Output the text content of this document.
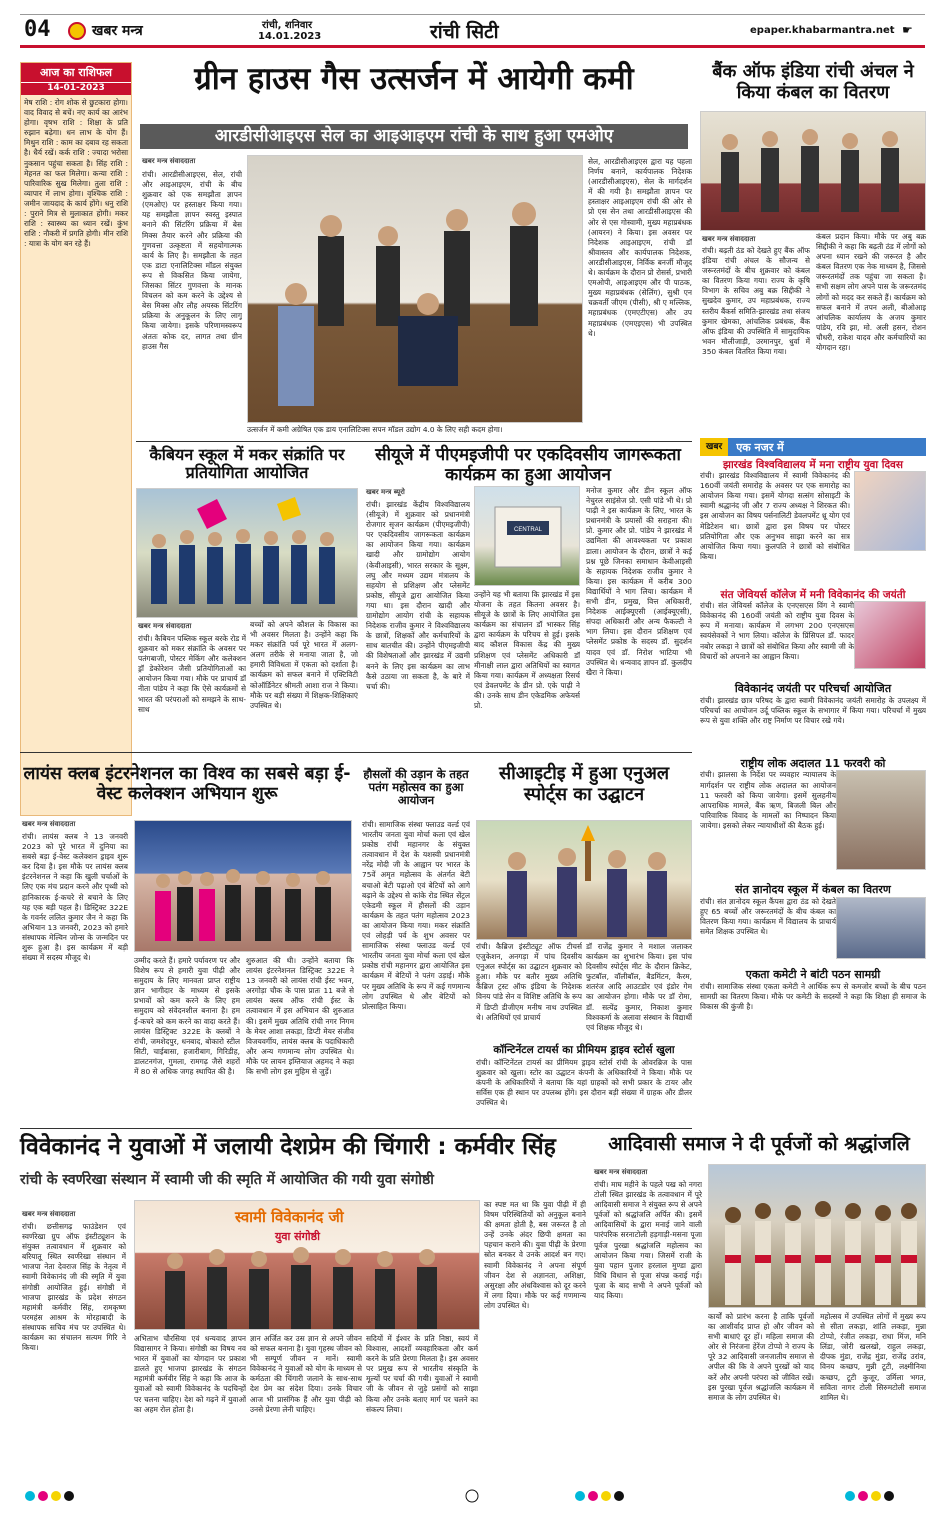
04	खबर मन्त्र	रांची, शनिवार
14.01.2023	रांची सिटी	epaper.khabarmantra.net ☛
आज का राशिफल
14-01-2023
मेष राशि : रोग शोक से छुटकारा होगा। वाद विवाद से बचें। नए कार्य का आरंभ होगा। वृषभ राशि : शिक्षा के प्रति रुझान बढ़ेगा। धन लाभ के योग हैं। मिथुन राशि : काम का दबाव रह सकता है। धैर्य रखें। कर्क राशि : ज्यादा भरोसा नुकसान पहुंचा सकता है। सिंह राशि : मेहनत का फल मिलेगा। कन्या राशि : पारिवारिक सुख मिलेगा। तुला राशि : व्यापार में लाभ होगा। वृश्चिक राशि : जमीन जायदाद के कार्य होंगे। धनु राशि : पुराने मित्र से मुलाकात होगी। मकर राशि : स्वास्थ्य का ध्यान रखें। कुंभ राशि : नौकरी में प्रगति होगी। मीन राशि : यात्रा के योग बन रहे हैं।
ग्रीन हाउस गैस उत्सर्जन में आयेगी कमी
आरडीसीआइएस सेल का आइआइएम रांची के साथ हुआ एमओए
खबर मन्त्र संवाददाता
रांची। आरडीसीआइएस, सेल, रांची और आइआइएम, रांची के बीच शुक्रवार को एक समझौता ज्ञापन (एमओए) पर हस्ताक्षर किया गया। यह समझौता ज्ञापन स्वस्तु इस्पात बनाने की सिंटरिंग प्रक्रिया में बेस मिक्स तैयार करने और प्रक्रिया की गुणवत्ता उत्कृष्टता में सहयोगात्मक कार्य के लिए है। समझौता के तहत एक डाटा एनालिटिक्स मॉडल संयुक्त रूप से विकसित किया जायेगा, जिसका सिंटर गुणवत्ता के मानक विचलन को कम करने के उद्देश्य से बेस मिक्स और लौह अयस्क सिंटरिंग प्रक्रिया के अनुकूलन के लिए लागू किया जायेगा। इसके परिणामस्वरूप अंततः कोक दर, लागत तथा ग्रीन हाउस गैस
उत्सर्जन में कमी अग्रेषित एक डाय एनालिटिक्स सपन मॉडल उद्योग 4.0 के लिए सही कदम होगा।
सेल, आरडीसीआइएस द्वारा यह पहला निर्णय बनाने, कार्यपालक निदेशक (आरडीसीआइएस), सेल के मार्गदर्शन में की गयी है। समझौता ज्ञापन पर हस्ताक्षर आइआइएम रांची की ओर से प्रो एस सेन तथा आरडीसीआइएस की ओर से एस गोस्वामी, मुख्य महाप्रबंधक (आयरन) ने किया। इस अवसर पर निदेशक आइआइएम, रांची डॉ श्रीवास्तव और कार्यपालक निदेशक, आरडीसीआइएस, निर्विक बनर्जी मौजूद थे। कार्यक्रम के दौरान प्रो रोसर्स, प्रभारी एमओपी, आइआइएम और पी पाठक, मुख्य महाप्रबंधक (सेलिंग), सुश्री एन चक्रवर्ती जीएम (पीसी), श्री ए मल्लिक, महाप्रबंधक (एमएटीएस) और उप महाप्रबंधक (एमएइएस) भी उपस्थित थे।
बैंक ऑफ इंडिया रांची अंचल ने किया कंबल का वितरण
खबर मन्त्र संवाददाता
रांची। बढ़ती ठंड को देखते हुए बैंक ऑफ इंडिया रांची अंचल के सौजन्य से जरूरतमंदों के बीच शुक्रवार को कंबल का वितरण किया गया। राज्य के कृषि विभाग के सचिव अबु बक्र सिद्दीकी ने सुखदेव कुमार, उप महाप्रबंधक, राज्य स्तरीय बैंकर्स समिति-झारखंड तथा संजय कुमार खेमका, आंचलिक प्रबंधक, बैंक ऑफ इंडिया की उपस्थिति में सामुदायिक भवन मौलीजाड़ी, उरमानपुर, धुर्वा में 350 कंबल वितरित किया गया।
कंबल प्रदान किया। मौके पर अबु बक्र सिद्दीकी ने कहा कि बढ़ती ठंड में लोगों को अपना ध्यान रखने की जरूरत है और कंबल वितरण एक नेक माध्यम है, जिससे जरूरतमंदों तक पहुंचा जा सकता है। सभी सक्षम लोग अपने पास के जरूरतमंद लोगों को मदद कर सकते हैं। कार्यक्रम को सफल बनाने में तपन अली, बीओआइ आंचलिक कार्यालय के अजय कुमार पांडेय, रवि झा, मो. अली हसन, रोशन चौधरी, राकेश यादव और कर्मचारियों का योगदान रहा।
कैबियन स्कूल में मकर संक्रांति पर प्रतियोगिता आयोजित
खबर मन्त्र संवाददाता
रांची। कैबियन पब्लिक स्कूल बरके रोड में शुक्रवार को मकर संक्रांति के अवसर पर पतंगबाजी, पोस्टर मेकिंग और कलेक्शन ड्रॉ डेकोरेशन जैसी प्रतियोगिताओं का आयोजन किया गया। मौके पर प्राचार्य डॉ नीता पांडेय ने कहा कि ऐसे कार्यक्रमों से भारत की परंपराओं को समझने के साथ-साथ
बच्चों को अपने कौशल के विकास का भी अवसर मिलता है। उन्होंने कहा कि मकर संक्रांति पर्व पूरे भारत में अलग-अलग तरीके से मनाया जाता है, जो हमारी विविधता में एकता को दर्शाता है। कार्यक्रम को सफल बनाने में एक्टिविटी कोऑर्डिनेटर श्रीमती आशा राज ने किया। मौके पर बड़ी संख्या में शिक्षक-शिक्षिकाएं उपस्थित थे।
सीयूजे में पीएमइजीपी पर एकदिवसीय जागरूकता कार्यक्रम का हुआ आयोजन
खबर मन्त्र ब्यूरो
रांची। झारखंड केंद्रीय विश्वविद्यालय (सीयूजे) में शुक्रवार को प्रधानमंत्री रोजगार सृजन कार्यक्रम (पीएमइजीपी) पर एकदिवसीय जागरूकता कार्यक्रम का आयोजन किया गया। कार्यक्रम खादी और ग्रामोद्योग आयोग (केवीआइसी), भारत सरकार के सूक्ष्म, लघु और मध्यम उद्यम मंत्रालय के सहयोग से प्रशिक्षण और प्लेसमेंट प्रकोष्ठ, सीयूजे द्वारा आयोजित किया गया था। इस दौरान खादी और ग्रामोद्योग आयोग रांची के सहायक निदेशक राजीव कुमार ने विश्वविद्यालय के छात्रों, शिक्षकों और कर्मचारियों के साथ बातचीत की। उन्होंने पीएमइजीपी की विशेषताओं और झारखंड में उद्यमी बनने के लिए इस कार्यक्रम का लाभ कैसे उठाया जा सकता है, के बारे में चर्चा की।
CENTRAL
उन्होंने यह भी बताया कि झारखंड में इस योजना के तहत कितना अवसर है। सीयूजे के छात्रों के लिए आयोजित इस कार्यक्रम का संचालन डॉ भास्कर सिंह द्वारा कार्यक्रम के परिचय से हुई। इसके बाद कौशल विकास केंद्र की मुख्य प्रशिक्षण एवं प्लेसमेंट अधिकारी डॉ मीनाक्षी लाल द्वारा अतिथियों का स्वागत किया गया। कार्यक्रम में अध्यक्षता रिसर्च एवं डेवलपमेंट के डीन प्रो. एके पाढ़ी ने की। उनके साथ डीन एकेडमिक अफेयर्स प्रो.
मनोज कुमार और डीन स्कूल ऑफ नेचुरल साइंसेज प्रो. एसी पांडे भी थे। प्रो पाढ़ी ने इस कार्यक्रम के लिए, भारत के प्रधानमंत्री के प्रयासों की सराहना की। प्रो. कुमार और प्रो. पांडेय ने झारखंड में उद्यमिता की आवश्यकता पर प्रकाश डाला। आयोजन के दौरान, छात्रों ने कई प्रश्न पूछे जिनका समाधान केवीआइसी के सहायक निदेशक राजीव कुमार ने किया। इस कार्यक्रम में करीब 300 विद्यार्थियों ने भाग लिया। कार्यक्रम में सभी डीन, प्रमुख, वित्त अधिकारी, निदेशक आईक्यूएसी (आईक्यूएसी), संपदा अधिकारी और अन्य फैकल्टी ने भाग लिया। इस दौरान प्रशिक्षण एवं प्लेसमेंट प्रकोष्ठ के सदस्य डॉ. सुदर्शन यादव एवं डॉ. निरोश भाटिया भी उपस्थित थे। धन्यवाद ज्ञापन डॉ. कुलदीप खैरा ने किया।
खबर	एक नजर में
झारखंड विश्वविद्यालय में मना राष्ट्रीय युवा दिवस
रांची। झारखंड विश्वविद्यालय में स्वामी विवेकानंद की 160वीं जयंती समारोह के अवसर पर एक समारोह का आयोजन किया गया। इसमें योगदा सत्संग सोसाइटी के स्वामी श्रद्धानंद जी और 7 राज्य अध्यक्ष ने शिरकत की। इस आयोजन का विषय पर्सनालिटी डेवलपमेंट थ्रू योग एवं मेडिटेशन था। छात्रों द्वारा इस विषय पर पोस्टर प्रतियोगिता और एक अनुभव साझा करने का सत्र आयोजित किया गया। कुलपति ने छात्रों को संबोधित किया।
संत जेवियर्स कॉलेज में मनी विवेकानंद की जयंती
रांची। संत जेवियर्स कॉलेज के एनएसएस विंग ने स्वामी विवेकानंद की 160वीं जयंती को राष्ट्रीय युवा दिवस के रूप में मनाया। कार्यक्रम में लगभग 200 एनएसएस स्वयंसेवकों ने भाग लिया। कॉलेज के प्रिंसिपल डॉ. फादर नबोर लकड़ा ने छात्रों को संबोधित किया और स्वामी जी के विचारों को अपनाने का आह्वान किया।
विवेकानंद जयंती पर परिचर्चा आयोजित
रांची। झारखंड छात्र परिषद के द्वारा स्वामी विवेकानंद जयंती समारोह के उपलक्ष्य में परिचर्चा का आयोजन उर्दू पब्लिक स्कूल के सभागार में किया गया। परिचर्चा में मुख्य रूप से युवा शक्ति और राष्ट्र निर्माण पर विचार रखे गये।
राष्ट्रीय लोक अदालत 11 फरवरी को
रांची। झालसा के निर्देश पर व्यवहार न्यायालय के मार्गदर्शन पर राष्ट्रीय लोक अदालत का आयोजन 11 फरवरी को किया जायेगा। इसमें सुलहनीय आपराधिक मामले, बैंक ऋण, बिजली बिल और पारिवारिक विवाद के मामलों का निष्पादन किया जायेगा। इसको लेकर न्यायाधीशों की बैठक हुई।
संत ज्ञानोदय स्कूल में कंबल का वितरण
रांची। संत ज्ञानोदय स्कूल कैंपस द्वारा ठंड को देखते हुए 65 बच्चों और जरूरतमंदों के बीच कंबल का वितरण किया गया। कार्यक्रम में विद्यालय के प्राचार्य समेत शिक्षक उपस्थित थे।
एकता कमेटी ने बांटी पठन सामग्री
रांची। सामाजिक संस्था एकता कमेटी ने आर्थिक रूप से कमजोर बच्चों के बीच पठन सामग्री का वितरण किया। मौके पर कमेटी के सदस्यों ने कहा कि शिक्षा ही समाज के विकास की कुंजी है।
लायंस क्लब इंटरनेशनल का विश्व का सबसे बड़ा ई-वेस्ट कलेक्शन अभियान शुरू
खबर मन्त्र संवाददाता
रांची। लायंस क्लब ने 13 जनवरी 2023 को पूरे भारत में दुनिया का सबसे बड़ा ई-वेस्ट कलेक्शन ड्राइव शुरू कर दिया है। इस मौके पर लायंस क्लब इंटरनेशनल ने कहा कि खुली चर्चाओं के लिए एक मंच प्रदान करने और पृथ्वी को हानिकारक ई-कचरे से बचाने के लिए यह एक बड़ी पहल है। डिस्ट्रिक्ट 322E के गवर्नर ललित कुमार जैन ने कहा कि अभियान 13 जनवरी, 2023 को हमारे संस्थापक मेल्विन जोन्स के जन्मदिन पर शुरू हुआ है। इस कार्यक्रम में बड़ी संख्या में सदस्य मौजूद थे।	उम्मीद करते हैं। हमारे पर्यावरण पर और विशेष रूप से हमारी युवा पीढ़ी और समुदाय के लिए मानवता प्राप्त राष्ट्रीय ज्ञान भागीदार के माध्यम से इसके प्रभावों को कम करने के लिए हम समुदाय को संवेदनशील बनाना है। हम ई-कचरे को कम करने का वादा करते हैं। लायंस डिस्ट्रिक्ट 322E के क्लबों ने रांची, जमशेदपुर, धनबाद, बोकारो स्टील सिटी, चाईबासा, हजारीबाग, गिरिडीह, डालटनगंज, गुमला, रामगढ़ जैसे शहरों में 80 से अधिक जगह स्थापित की है।
शुरुआत की थी। उन्होंने बताया कि लायंस इंटरनेशनल डिस्ट्रिक्ट 322E ने 13 जनवरी को लायंस रांची ईस्ट भवन, अरगोड़ा चौक के पास प्रातः 11 बजे से लायंस क्लब ऑफ रांची ईस्ट के तत्वावधान में इस अभियान की शुरुआत की। इसमें मुख्य अतिथि रांची नगर निगम के मेयर आशा लकड़ा, डिप्टी मेयर संजीव विजयवर्गीय, लायंस क्लब के पदाधिकारी और अन्य गणमान्य लोग उपस्थित थे। मौके पर लायन इम्तियाज अहमद ने कहा कि सभी लोग इस मुहिम से जुड़ें।
हौसलों की उड़ान के तहत पतंग महोत्सव का हुआ आयोजन
रांची। सामाजिक संस्था फ्लाउड वर्ल्ड एवं भारतीय जनता युवा मोर्चा कला एवं खेल प्रकोष्ठ रांची महानगर के संयुक्त तत्वावधान में देश के यशस्वी प्रधानमंत्री नरेंद्र मोदी जी के आह्वान पर भारत के 75वें अमृत महोत्सव के अंतर्गत बेटी बचाओ बेटी पढ़ाओ एवं बेटियों को आगे बढ़ाने के उद्देश्य से कांके रोड स्थित सेंट्रल एकेडमी स्कूल में हौसलों की उड़ान कार्यक्रम के तहत पतंग महोत्सव 2023 का आयोजन किया गया। मकर संक्रांति एवं लोहड़ी पर्व के शुभ अवसर पर सामाजिक संस्था फ्लाउड वर्ल्ड एवं भारतीय जनता युवा मोर्चा कला एवं खेल प्रकोष्ठ रांची महानगर द्वारा आयोजित इस कार्यक्रम में बेटियों ने पतंग उड़ाई। मौके पर मुख्य अतिथि के रूप में कई गणमान्य लोग उपस्थित थे और बेटियों को प्रोत्साहित किया।
सीआइटीइ में हुआ एनुअल स्पोर्ट्स का उद्घाटन
रांची। कैब्रिज इंस्टीट्यूट ऑफ टीचर्स एजुकेशन, अनगड़ा में पांच दिवसीय एनुअल स्पोर्ट्स का उद्घाटन शुक्रवार को हुआ। मौके पर बतौर मुख्य अतिथि कैंब्रिज ट्रस्ट ऑफ इंडिया के निदेशक विनय पांडे सेन व विशिष्ट अतिथि के रूप में डिप्टी डीजीएम मनीष नाथ उपस्थित थे। अतिथियों एवं प्राचार्य
डॉ राजेंद्र कुमार ने मशाल जलाकर कार्यक्रम का शुभारंभ किया। इस पांच दिवसीय स्पोर्ट्स मीट के दौरान क्रिकेट, फुटबॉल, वॉलीबॉल, बैडमिंटन, कैरम, शतरंज आदि आउटडोर एवं इंडोर गेम का आयोजन होगा। मौके पर डॉ रोमा, डॉ. सत्येंद्र कुमार, निकाश कुमार विश्वकर्मा के अलावा संस्थान के विद्यार्थी एवं शिक्षक मौजूद थे।
कॉन्टिनेंटल टायर्स का प्रीमियम ड्राइव स्टोर्स खुला
रांची। कॉन्टिनेंटल टायर्स का प्रीमियम ड्राइव स्टोर्स रांची के ओवरब्रिज के पास शुक्रवार को खुला। स्टोर का उद्घाटन कंपनी के अधिकारियों ने किया। मौके पर कंपनी के अधिकारियों ने बताया कि यहां ग्राहकों को सभी प्रकार के टायर और सर्विस एक ही स्थान पर उपलब्ध होंगे। इस दौरान बड़ी संख्या में ग्राहक और डीलर उपस्थित थे।
विवेकानंद ने युवाओं में जलायी देशप्रेम की चिंगारी : कर्मवीर सिंह
रांची के स्वर्णरेखा संस्थान में स्वामी जी की स्मृति में आयोजित की गयी युवा संगोष्ठी
खबर मन्त्र संवाददाता
रांची। छत्तीसगढ़ फाउंडेशन एवं स्वर्णरेखा ग्रुप ऑफ इंस्टीट्यूशन के संयुक्त तत्वावधान में शुक्रवार को बरियातू स्थित स्वर्णरेखा संस्थान में भाजपा नेता देवराज सिंह के नेतृत्व में स्वामी विवेकानंद जी की स्मृति में युवा संगोष्ठी आयोजित हुई। संगोष्ठी में भाजपा झारखंड के प्रदेश संगठन महामंत्री कर्मवीर सिंह, रामकृष्ण परमहंस आश्रम के मोरहाबादी के संस्थापक सचिव मंच पर उपस्थित थे। कार्यक्रम का संचालन सत्यम गिरि ने किया।
स्वामी विवेकानंद जी
युवा संगोष्ठी
अभिताभ चौरसिया एवं धन्यवाद ज्ञापन विद्यासागर ने किया। संगोष्ठी का विषय नव भारत में युवाओं का योगदान पर प्रकाश डालते हुए भाजपा झारखंड के संगठन महामंत्री कर्मवीर सिंह ने कहा कि आज के युवाओं को स्वामी विवेकानंद के पदचिन्हों पर चलना चाहिए। देश को गढ़ने में युवाओं का अहम रोल होता है।
ज्ञान अर्जित कर उस ज्ञान से अपने जीवन को सफल बनाना है। युवा गृहस्थ जीवन को भी सम्पूर्ण जीवन न मानें। स्वामी विवेकानंद ने युवाओं को योग के माध्यम से कर्मठता की चिंगारी जलाने के साथ-साथ देश प्रेम का संदेश दिया। उनके विचार आज भी प्रासंगिक हैं और युवा पीढ़ी को उनसे प्रेरणा लेनी चाहिए।
सदियों में ईश्वर के प्रति निष्ठा, स्वयं में विश्वास, आदर्शों व्यवहारिकता और कर्म करने के प्रति प्रेरणा मिलता है। इस अवसर पर प्रमुख रूप से भारतीय संस्कृति के मूल्यों पर चर्चा की गयी। युवाओं ने स्वामी जी के जीवन से जुड़े प्रसंगों को साझा किया और उनके बताए मार्ग पर चलने का संकल्प लिया।
का स्पष्ट मत था कि युवा पीढ़ी में ही विषम परिस्थितियों को अनुकूल बनाने की क्षमता होती है, बस जरूरत है तो उन्हें उनके अंदर छिपी क्षमता का पहचान कराने की। युवा पीढ़ी के प्रेरणा स्रोत बनकर वे उनके आदर्श बन गए। स्वामी विवेकानंद ने अपना संपूर्ण जीवन देश से अज्ञानता, अशिक्षा, असुरक्षा और अंधविश्वास को दूर करने में लगा दिया। मौके पर कई गणमान्य लोग उपस्थित थे।
आदिवासी समाज ने दी पूर्वजों को श्रद्धांजलि
खबर मन्त्र संवाददाता
रांची। माघ महीने के पहले पख को नगरा टोली स्थित झारखंड के तत्वावधान में पूरे आदिवासी समाज ने संयुक्त रूप से अपने पूर्वजों को श्रद्धांजलि अर्पित की। इसमें आदिवासियों के द्वारा मनाई जाने वाली पारंपरिक सरनाटोली हड़गाड़ी-मसना पूजा पूर्वज पुरखा श्रद्धांजलि महोत्सव का आयोजन किया गया। जिसमें राजी के युवा पहान पुजार हरलाल मुण्डा द्वारा विधि विधान से पूजा संपन्न कराई गई। पूजा के बाद सभी ने अपने पूर्वजों को याद किया।
कार्यों को प्रारंभ करना है ताकि पूर्वजों का आशीर्वाद प्राप्त हो और जीवन को सभी बाधाएं दूर हों। महिला समाज की ओर से निरंजना हेरेंज टोप्पो ने राज्य के पूरे 32 आदिवासी जनजातीय समाज से अपील की कि वे अपने पुरखों को याद करें और अपनी परंपरा को जीवित रखें। इस पुरखा पूर्वज श्रद्धांजलि कार्यक्रम में समाज के लोग उपस्थित थे।
महोत्सव में उपस्थित लोगों में मुख्य रूप से सीता लकड़ा, शांति लकड़ा, मुन्ना टोप्पो, रंजीत लकड़ा, राधा मिंज, मनि लिंडा, जोरी खलखो, राहुल लकड़ा, दीपक मुंडा, राजेंद्र मुंडा, राजेंद्र उरांव, विनय कच्छप, मुन्नी टूटी, लक्ष्मीनिया कच्छप, टूटी कुजूर, उर्मिला भगत, सविता नागर टोली सिरुमटोली समाज शामिल थे।
